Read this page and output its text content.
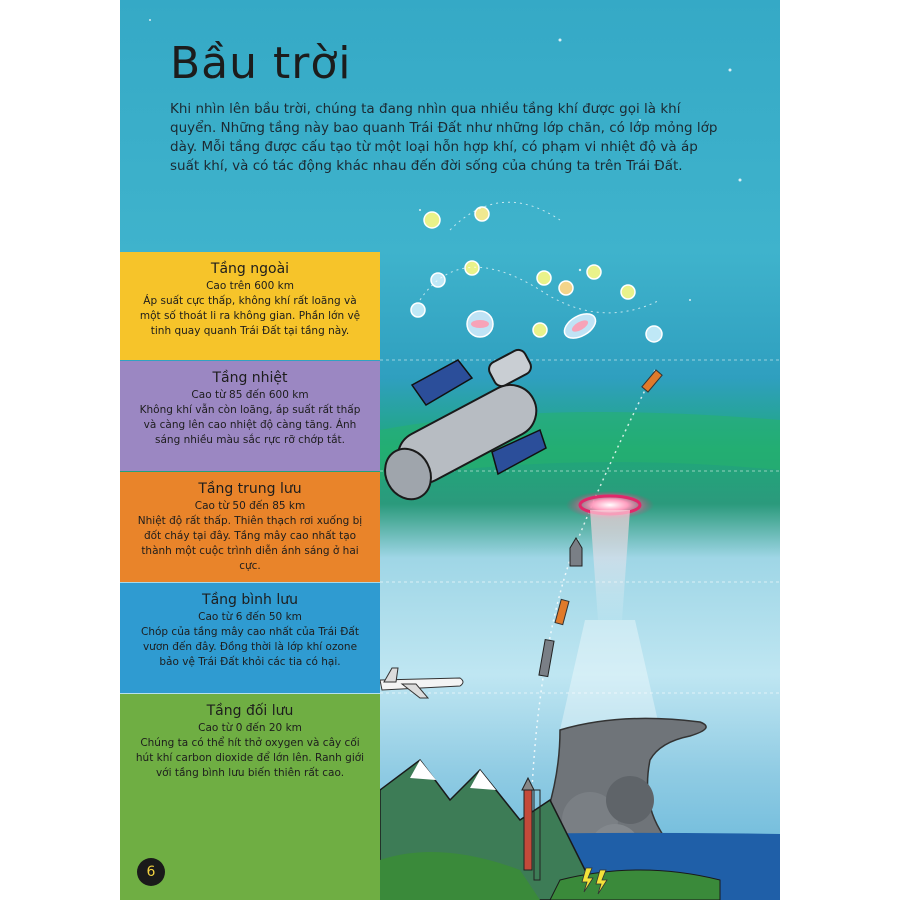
Bầu trời
Khi nhìn lên bầu trời, chúng ta đang nhìn qua nhiều tầng khí được gọi là khí quyển. Những tầng này bao quanh Trái Đất như những lớp chăn, có lớp mỏng lớp dày. Mỗi tầng được cấu tạo từ một loại hỗn hợp khí, có phạm vi nhiệt độ và áp suất khí, và có tác động khác nhau đến đời sống của chúng ta trên Trái Đất.
Tầng ngoài
Cao trên 600 km
Áp suất cực thấp, không khí rất loãng và một số thoát li ra không gian. Phần lớn vệ tinh quay quanh Trái Đất tại tầng này.
Tầng nhiệt
Cao từ 85 đến 600 km
Không khí vẫn còn loãng, áp suất rất thấp và càng lên cao nhiệt độ càng tăng. Ánh sáng nhiều màu sắc rực rỡ chớp tắt.
Tầng trung lưu
Cao từ 50 đến 85 km
Nhiệt độ rất thấp. Thiên thạch rơi xuống bị đốt cháy tại đây. Tầng mây cao nhất tạo thành một cuộc trình diễn ánh sáng ở hai cực.
Tầng bình lưu
Cao từ 6 đến 50 km
Chóp của tầng mây cao nhất của Trái Đất vươn đến đây. Đồng thời là lớp khí ozone bảo vệ Trái Đất khỏi các tia có hại.
Tầng đối lưu
Cao từ 0 đến 20 km
Chúng ta có thể hít thở oxygen và cây cối hút khí carbon dioxide để lớn lên. Ranh giới với tầng bình lưu biến thiên rất cao.
6
